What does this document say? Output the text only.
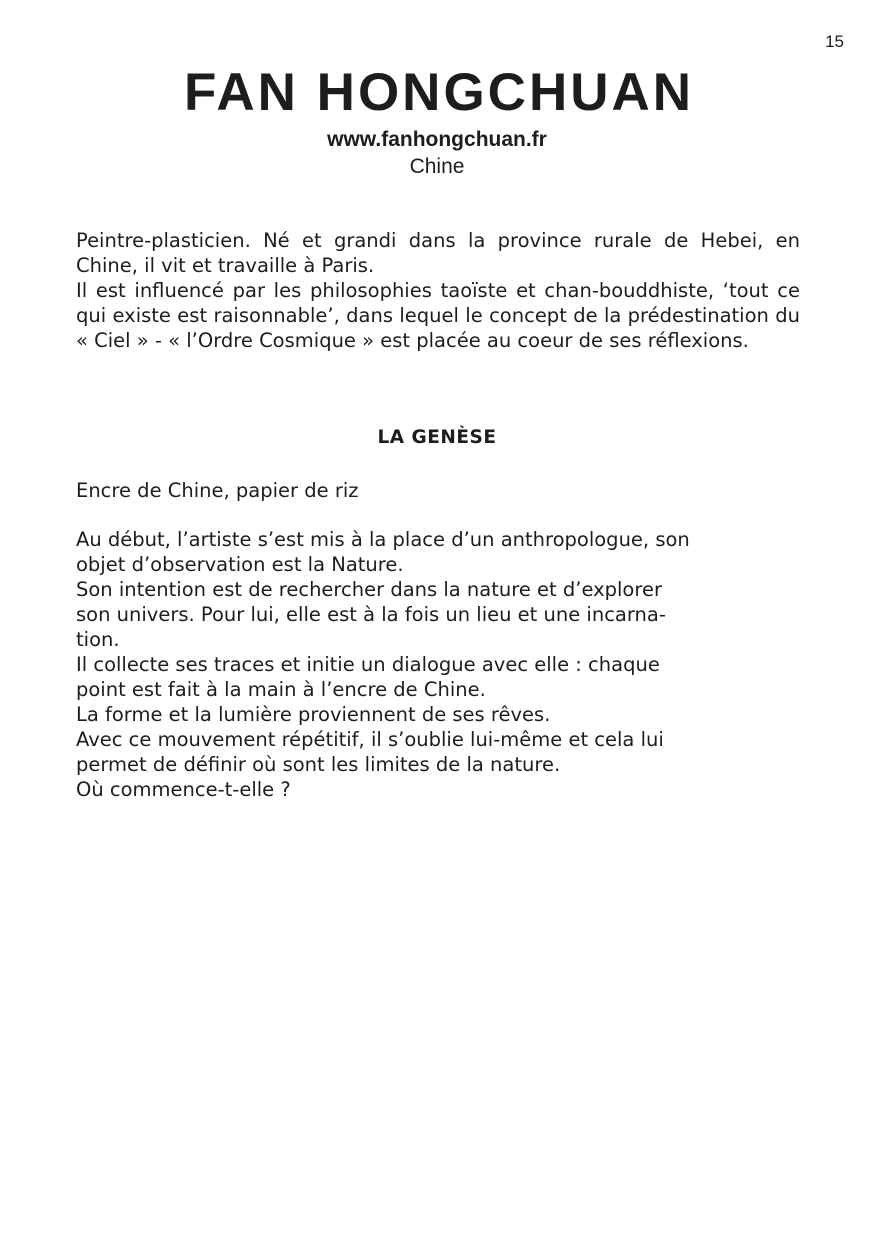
15
FAN HONGCHUAN
www.fanhongchuan.fr
Chine

Peintre-plasticien. Né et grandi dans la province rurale de Hebei, en Chine, il vit et travaille à Paris.

Il est influencé par les philosophies taoïste et chan-bouddhiste, ‘tout ce qui existe est raisonnable’, dans lequel le concept de la prédestination du « Ciel » - « l’Ordre Cosmique » est placée au coeur de ses réflexions.

LA GENÈSE
Encre de Chine, papier de riz

Au début, l’artiste s’est mis à la place d’un anthropologue, son

objet d’observation est la Nature.

Son intention est de rechercher dans la nature et d’explorer

son univers. Pour lui, elle est à la fois un lieu et une incarna-

tion.

Il collecte ses traces et initie un dialogue avec elle : chaque

point est fait à la main à l’encre de Chine.

La forme et la lumière proviennent de ses rêves.

Avec ce mouvement répétitif, il s’oublie lui-même et cela lui

permet de définir où sont les limites de la nature.

Où commence-t-elle ?
